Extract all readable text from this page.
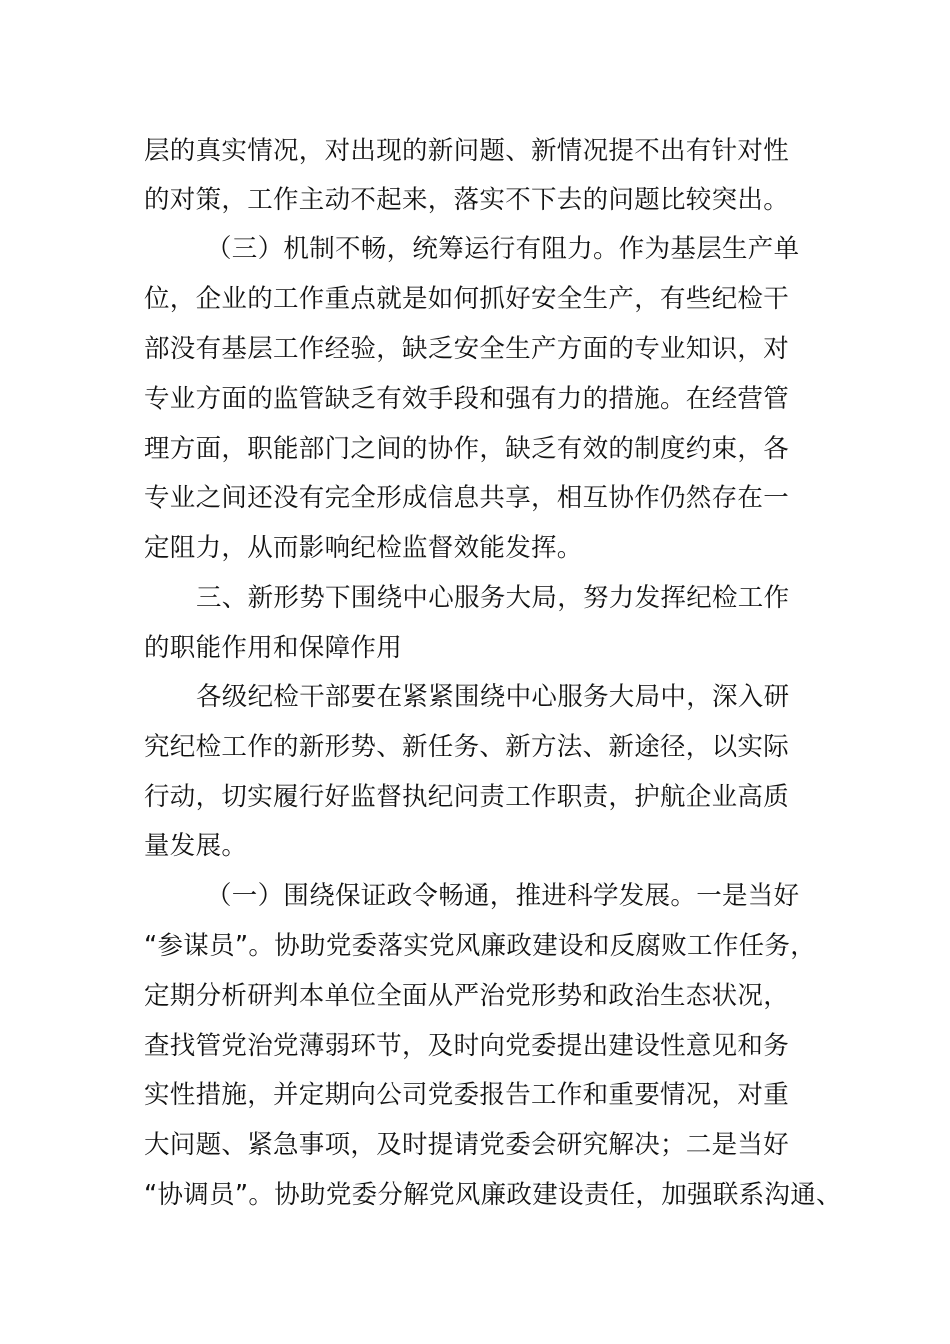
层的真实情况，对出现的新问题、新情况提不出有针对性
的对策，工作主动不起来，落实不下去的问题比较突出。
（三）机制不畅，统筹运行有阻力。作为基层生产单
位，企业的工作重点就是如何抓好安全生产，有些纪检干
部没有基层工作经验，缺乏安全生产方面的专业知识，对
专业方面的监管缺乏有效手段和强有力的措施。在经营管
理方面，职能部门之间的协作，缺乏有效的制度约束，各
专业之间还没有完全形成信息共享，相互协作仍然存在一
定阻力，从而影响纪检监督效能发挥。
三、新形势下围绕中心服务大局，努力发挥纪检工作
的职能作用和保障作用
各级纪检干部要在紧紧围绕中心服务大局中，深入研
究纪检工作的新形势、新任务、新方法、新途径，以实际
行动，切实履行好监督执纪问责工作职责，护航企业高质
量发展。
（一）围绕保证政令畅通，推进科学发展。一是当好
“参谋员”。协助党委落实党风廉政建设和反腐败工作任务，
定期分析研判本单位全面从严治党形势和政治生态状况，
查找管党治党薄弱环节，及时向党委提出建设性意见和务
实性措施，并定期向公司党委报告工作和重要情况，对重
大问题、紧急事项，及时提请党委会研究解决；二是当好
“协调员”。协助党委分解党风廉政建设责任，加强联系沟通、
